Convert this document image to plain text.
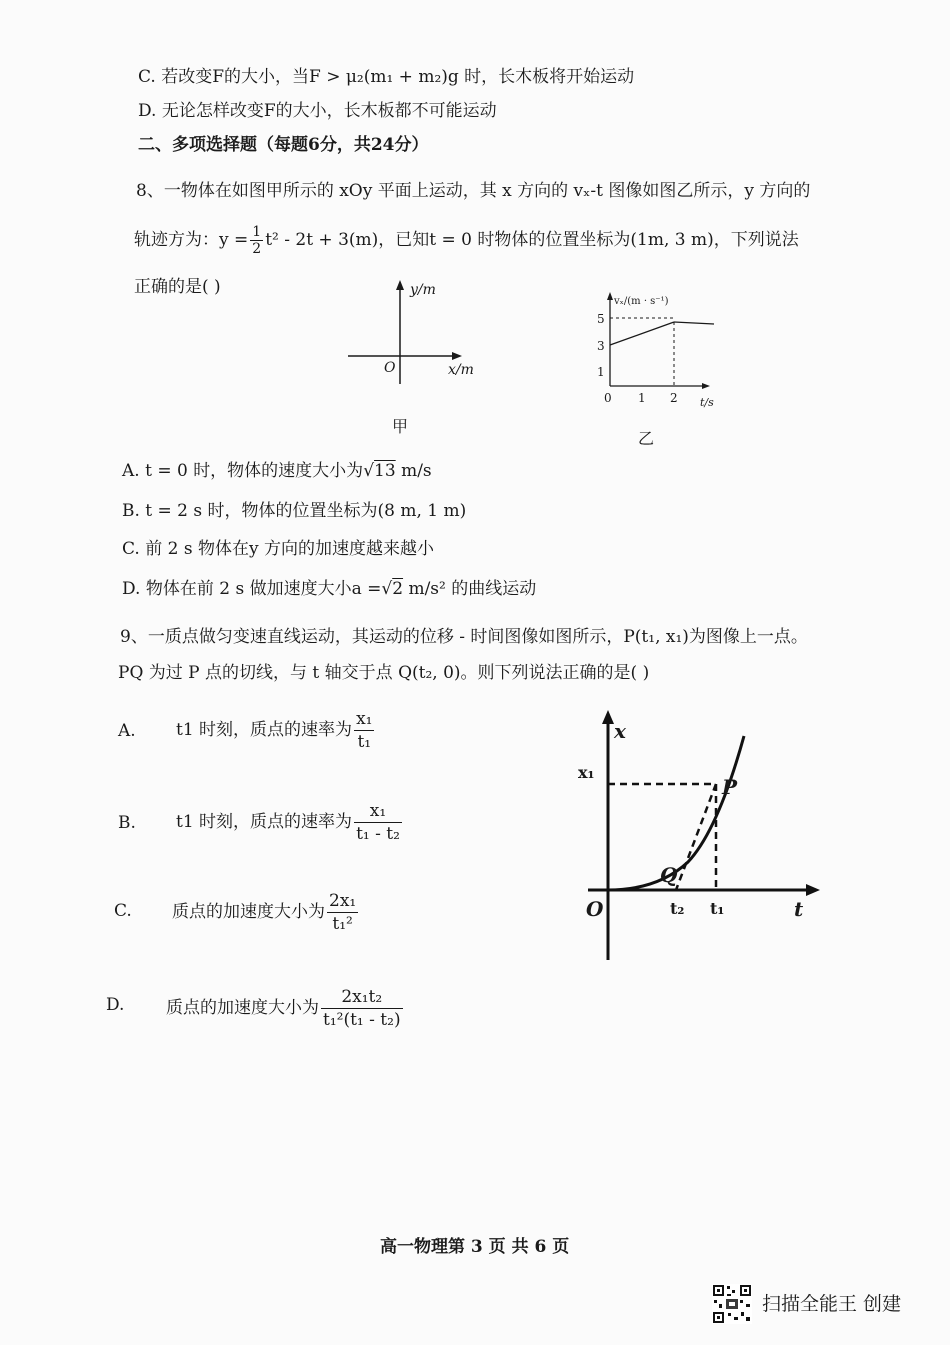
C. 若改变F的大小，当F > μ₂(m₁ + m₂)g 时，长木板将开始运动
D. 无论怎样改变F的大小，长木板都不可能运动
二、多项选择题（每题6分，共24分）
8、一物体在如图甲所示的 xOy 平面上运动，其 x 方向的 vₓ-t 图像如图乙所示，y 方向的
轨迹方为：$y = \frac{1}{2} t^2 - 2t + 3(m)$，已知t = 0 时物体的位置坐标为(1m, 3 m)，下列说法
正确的是( )	y/m
x/m
O
甲
vₓ/(m · s⁻¹)
5
3
1
0 1 2 t/s
乙
A. t = 0 时，物体的速度大小为√13 m/s
B. t = 2 s 时，物体的位置坐标为(8 m, 1 m)
C. 前 2 s 物体在y 方向的加速度越来越小
D. 物体在前 2 s 做加速度大小a =√2 m/s² 的曲线运动
9、一质点做匀变速直线运动，其运动的位移 - 时间图像如图所示，P(t₁, x₁)为图像上一点。
PQ 为过 P 点的切线，与 t 轴交于点 Q(t₂, 0)。则下列说法正确的是( )
A. t1 时刻，质点的速率为 $\frac{\text{x₁}}{\text{t₁}}$
B. t1 时刻，质点的速率为 $\frac{\text{x₁}}{\text{t₁ - t₂}}$
C. 质点的加速度大小为 $\frac{\text{2x₁}}{\text{t₁²}}$
D. 质点的加速度大小为 $\frac{\text{2x₁t₂}}{\text{t₁²(t₁ - t₂)}}$
x
t
O
P
Q
x₁
t₂ t₁
高一物理第 3 页 共 6 页
扫描全能王 创建
